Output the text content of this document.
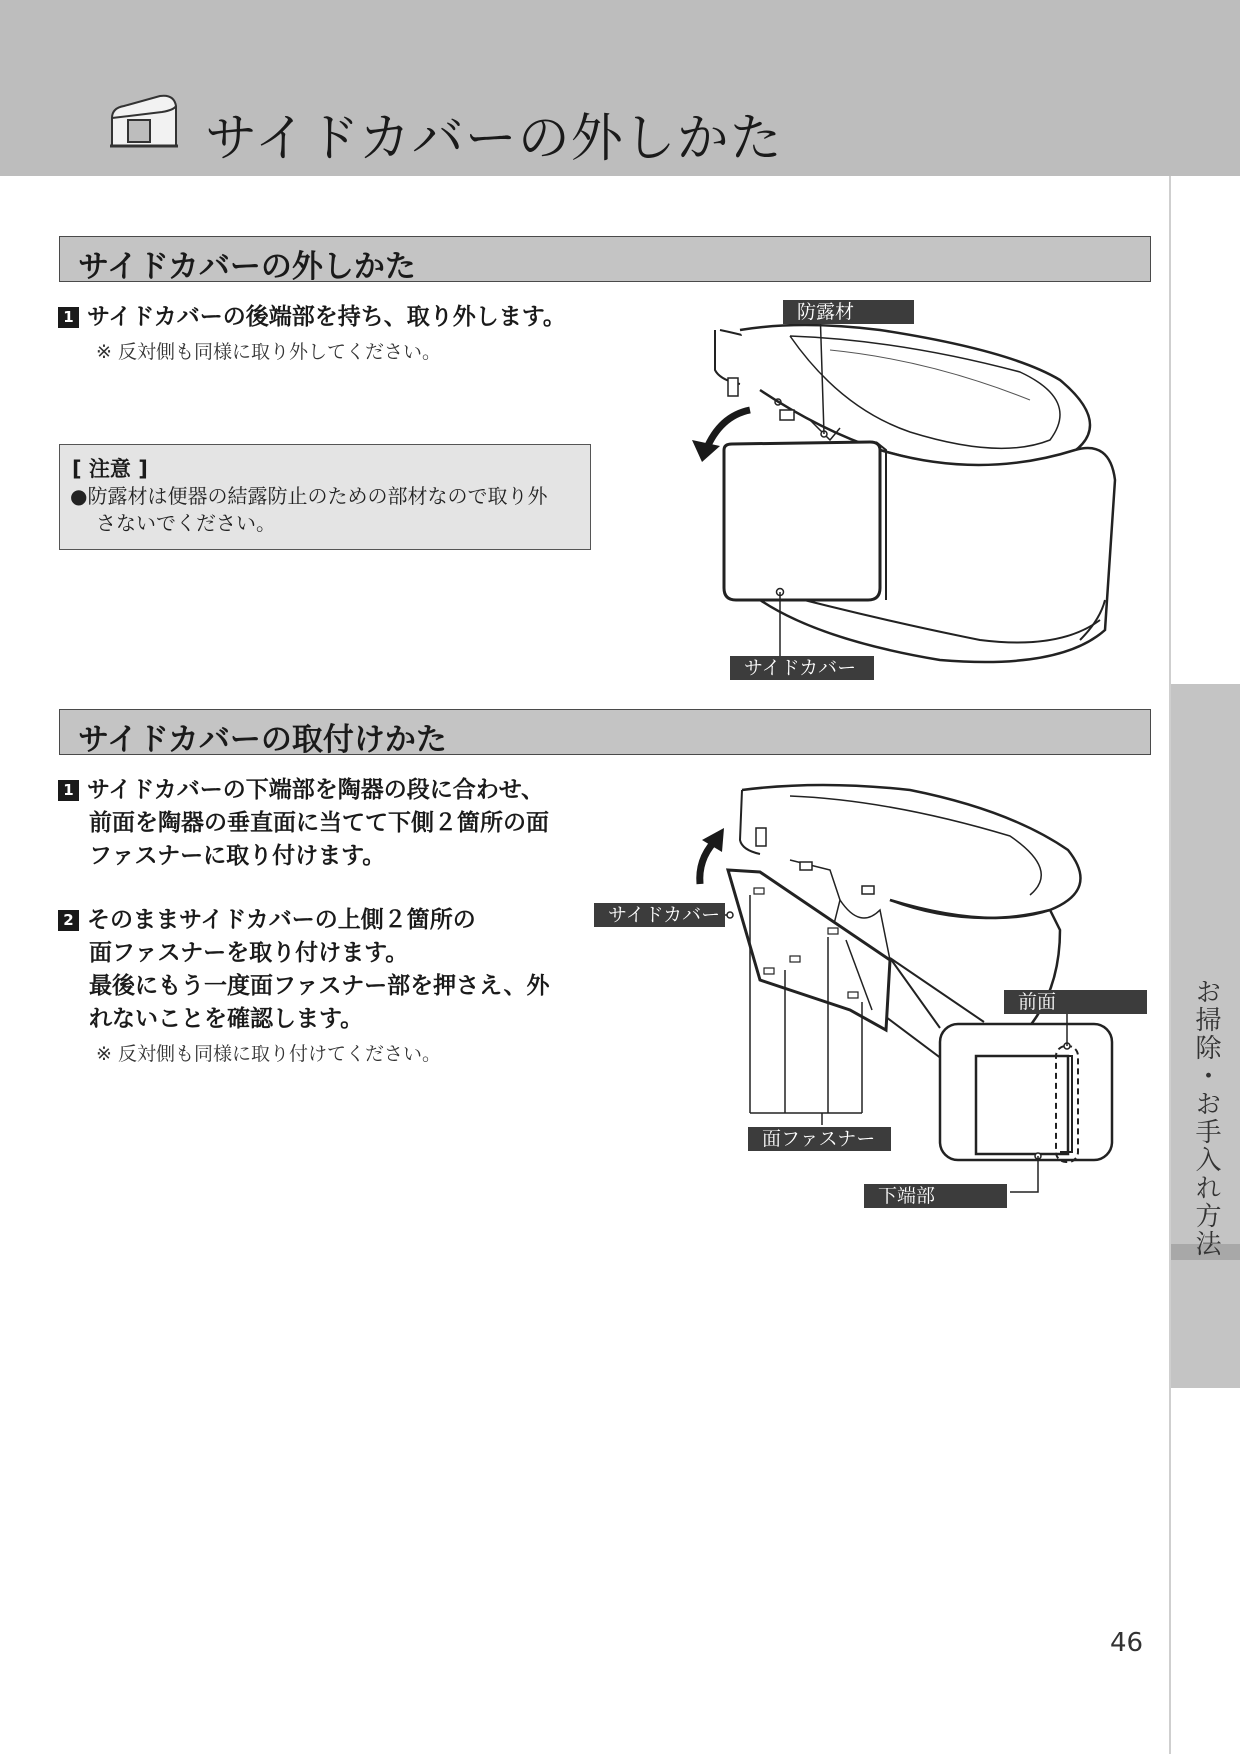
サイドカバーの外しかた
お掃除・お手入れ方法
サイドカバーの外しかた
1 サイドカバーの後端部を持ち、取り外します。
※ 反対側も同様に取り外してください。
[ 注意 ]
●防露材は便器の結露防止のための部材なので取り外
さないでください。
防露材
サイドカバー
サイドカバーの取付けかた
1 サイドカバーの下端部を陶器の段に合わせ、
前面を陶器の垂直面に当てて下側２箇所の面
ファスナーに取り付けます。
2 そのままサイドカバーの上側２箇所の
面ファスナーを取り付けます。
最後にもう一度面ファスナー部を押さえ、外
れないことを確認します。
※ 反対側も同様に取り付けてください。
サイドカバー
前面
面ファスナー
下端部
46
